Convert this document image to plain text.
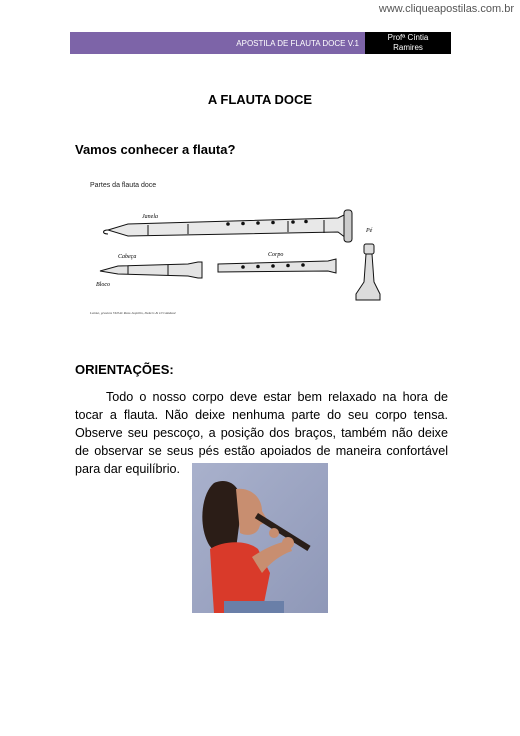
www.cliqueapostilas.com.br
APOSTILA DE FLAUTA DOCE V.1
Profª Cíntia
Ramires
A FLAUTA DOCE
Vamos conhecer a flauta?
Partes da flauta doce
Janela
Cabeça
Bloco
Corpo
Pé
Lemke, gravura VIII de Ross-Jeqnilin, Dekers & 10 Gândaur
ORIENTAÇÕES:
Todo o nosso corpo deve estar bem relaxado na hora de tocar a flauta. Não deixe nenhuma parte do seu corpo tensa. Observe seu pescoço, a posição dos braços, também não deixe de observar se seus pés estão apoiados de maneira confortável para dar equilíbrio.
